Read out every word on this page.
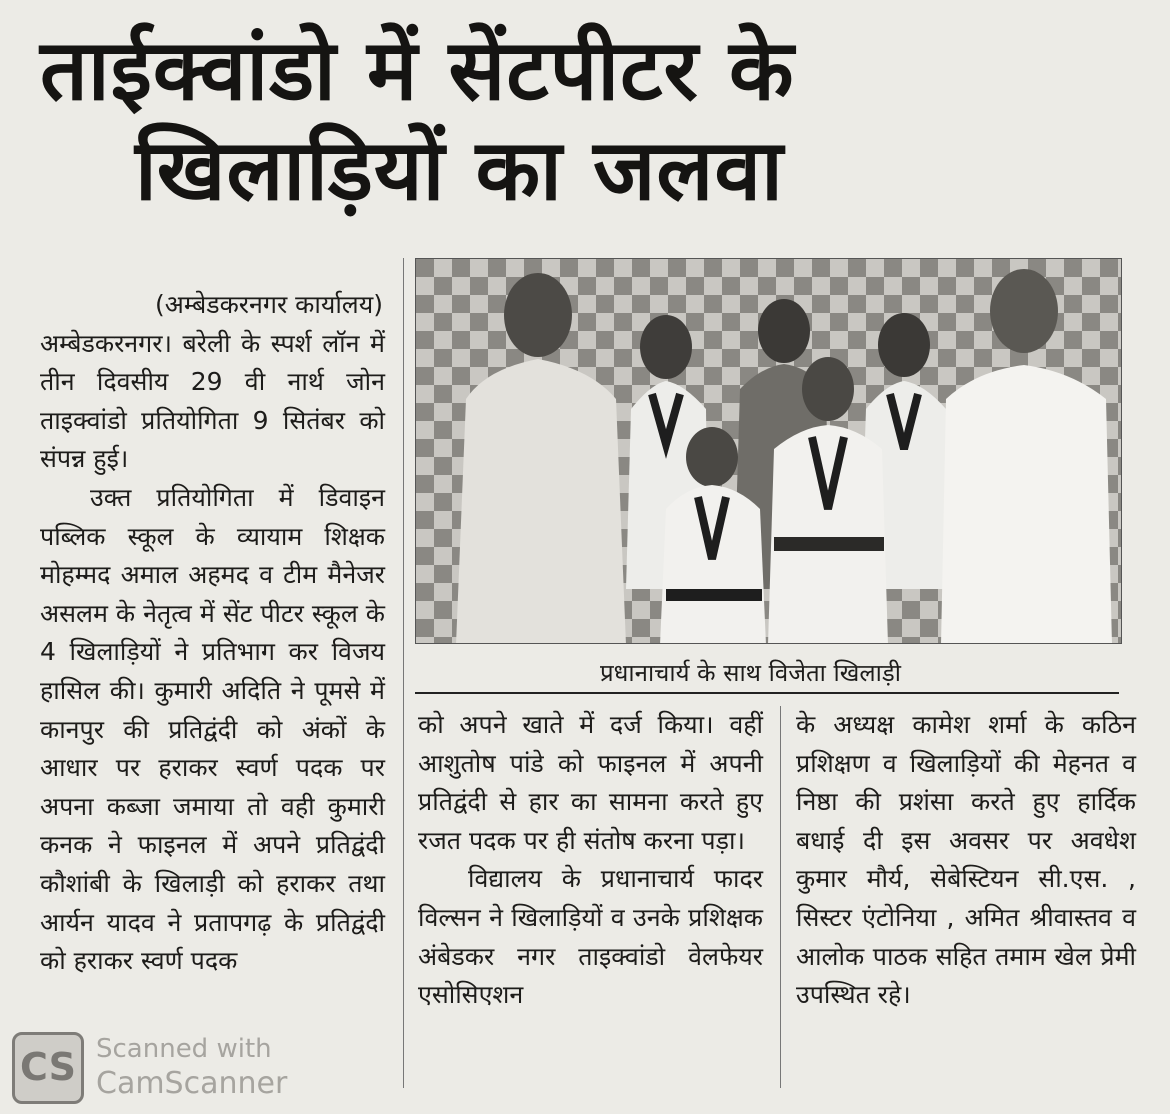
ताईक्वांडो में सेंटपीटर के
खिलाड़ियों का जलवा

(अम्बेडकरनगर कार्यालय)

अम्बेडकरनगर। बरेली के स्पर्श लॉन में तीन दिवसीय 29 वी नार्थ जोन ताइक्वांडो प्रतियोगिता 9 सितंबर को संपन्न हुई।

उक्त प्रतियोगिता में डिवाइन पब्लिक स्कूल के व्यायाम शिक्षक मोहम्मद अमाल अहमद व टीम मैनेजर असलम के नेतृत्व में सेंट पीटर स्कूल के 4 खिलाड़ियों ने प्रतिभाग कर विजय हासिल की। कुमारी अदिति ने पूमसे में कानपुर की प्रतिद्वंदी को अंकों के आधार पर हराकर स्वर्ण पदक पर अपना कब्जा जमाया तो वही कुमारी कनक ने फाइनल में अपने प्रतिद्वंदी कौशांबी के खिलाड़ी को हराकर तथा आर्यन यादव ने प्रतापगढ़ के प्रतिद्वंदी को हराकर स्वर्ण पदक

प्रधानाचार्य के साथ विजेता खिलाड़ी

को अपने खाते में दर्ज किया। वहीं आशुतोष पांडे को फाइनल में अपनी प्रतिद्वंदी से हार का सामना करते हुए रजत पदक पर ही संतोष करना पड़ा।

विद्यालय के प्रधानाचार्य फादर विल्सन ने खिलाड़ियों व उनके प्रशिक्षक अंबेडकर नगर ताइक्वांडो वेलफेयर एसोसिएशन

के अध्यक्ष कामेश शर्मा के कठिन प्रशिक्षण व खिलाड़ियों की मेहनत व निष्ठा की प्रशंसा करते हुए हार्दिक बधाई दी इस अवसर पर अवधेश कुमार मौर्य, सेबेस्टियन सी.एस. , सिस्टर एंटोनिया , अमित श्रीवास्तव व आलोक पाठक सहित तमाम खेल प्रेमी उपस्थित रहे।

CS Scanned with
CamScanner
